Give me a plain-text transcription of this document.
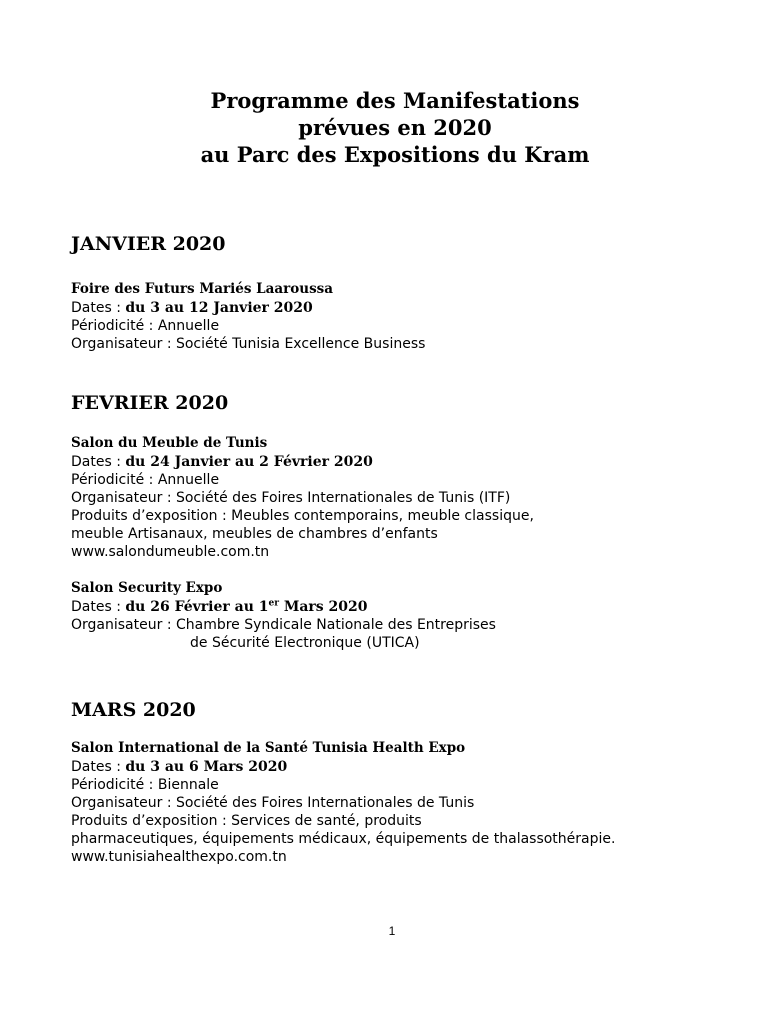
Programme des Manifestations
prévues en 2020
au Parc des Expositions du Kram
JANVIER 2020
Foire des Futurs Mariés Laaroussa
Dates : du 3 au 12 Janvier 2020
Périodicité : Annuelle
Organisateur : Société Tunisia Excellence Business
FEVRIER 2020
Salon du Meuble de Tunis
Dates : du 24 Janvier au 2 Février 2020
Périodicité : Annuelle
Organisateur : Société des Foires Internationales de Tunis (ITF)
Produits d’exposition : Meubles contemporains, meuble classique,
meuble Artisanaux, meubles de chambres d’enfants
www.salondumeuble.com.tn
Salon Security Expo
Dates : du 26 Février au 1er Mars 2020
Organisateur : Chambre Syndicale Nationale des Entreprises
de Sécurité Electronique (UTICA)
MARS 2020
Salon International de la Santé Tunisia Health Expo
Dates : du 3 au 6 Mars 2020
Périodicité : Biennale
Organisateur : Société des Foires Internationales de Tunis
Produits d’exposition : Services de santé, produits
pharmaceutiques, équipements médicaux, équipements de thalassothérapie.
www.tunisiahealthexpo.com.tn
1
